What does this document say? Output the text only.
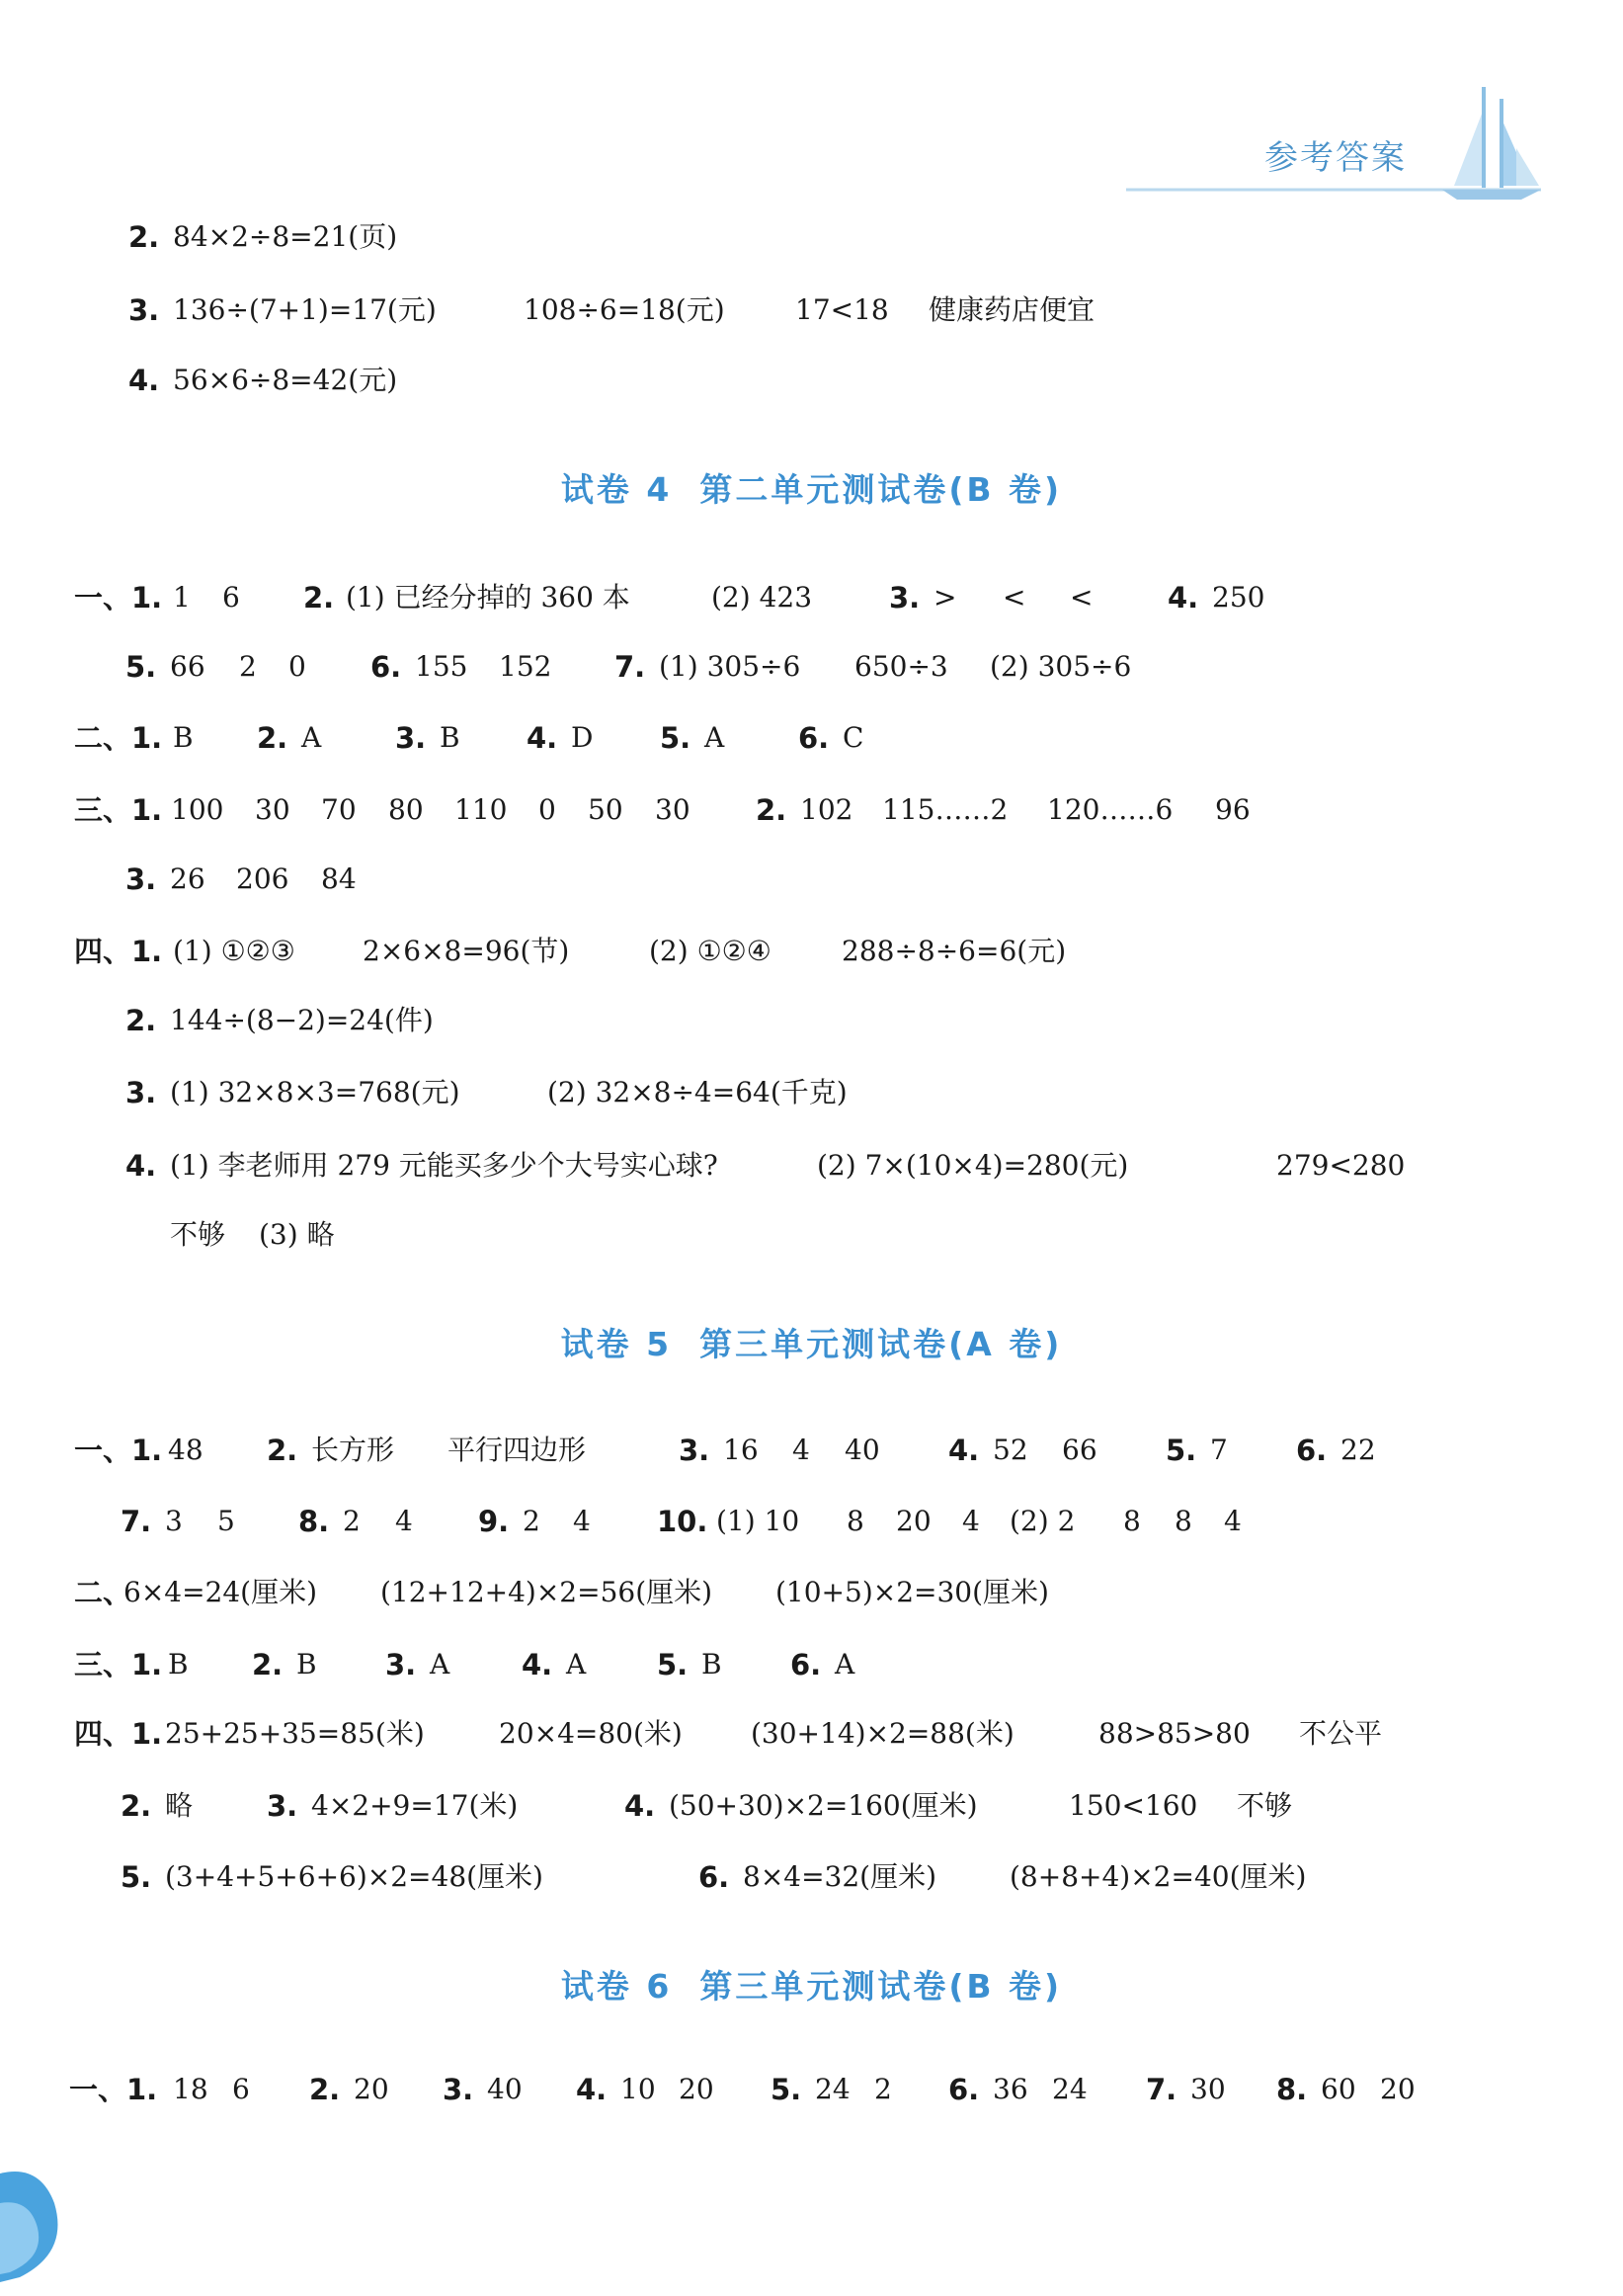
参考答案
2. 84×2÷8=21(页)
3. 136÷(7+1)=17(元)	108÷6=18(元)	17<18 健康药店便宜
4. 56×6÷8=42(元)
试卷 4 第二单元测试卷(B 卷)
一、1. 1 6 2. (1) 已经分掉的 360 本	(2) 423	3. > < <	4. 250
5. 66 2 0 6. 155 152 7. (1) 305÷6 650÷3 (2) 305÷6
二、1. B 2. A	3. B 4. D 5. A	6. C
三、1. 100 30 70 80 110 0 50 30 2. 102 115……2 120……6 96
3. 26 206 84
四、1. (1) ①②③ 2×6×8=96(节)	(2) ①②④	288÷8÷6=6(元)
2. 144÷(8−2)=24(件)
3. (1) 32×8×3=768(元)	(2) 32×8÷4=64(千克)
4. (1) 李老师用 279 元能买多少个大号实心球?	(2) 7×(10×4)=280(元)	279<280
不够 (3) 略
试卷 5 第三单元测试卷(A 卷)
一、1. 48 2. 长方形 平行四边形	3. 16 4 40 4. 52 66 5. 7 6. 22
7. 3 5 8. 2 4 9. 2 4 10. (1) 10 8 20 4 (2) 2 8 8 4
二、
6×4=24(厘米) (12+12+4)×2=56(厘米) (10+5)×2=30(厘米)
三、1. B 2. B 3. A	4. A 5. B 6. A
四、1. 25+25+35=85(米)	20×4=80(米) (30+14)×2=88(米)	88>85>80 不公平
2. 略	3. 4×2+9=17(米)	4. (50+30)×2=160(厘米)	150<160 不够
5. (3+4+5+6+6)×2=48(厘米)	6. 8×4=32(厘米)	(8+8+4)×2=40(厘米)
试卷 6 第三单元测试卷(B 卷)
一、1. 18 6 2. 20 3. 40 4. 10 20 5. 24 2 6. 36 24 7. 30 8. 60 20
